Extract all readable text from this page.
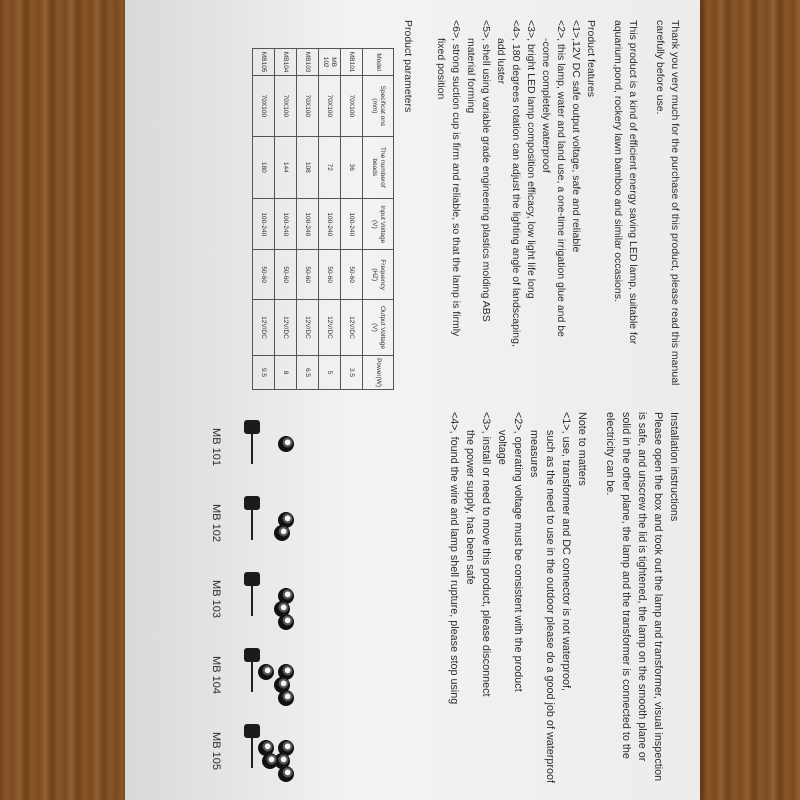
Thank you very much for the purchase of this product, please read this manual carefully before use.

This product is a kind of efficient energy saving LED lamp, suitable for aquarium,pond, rockery lawn bamboo and similar occasions.

Product features

<1>,12V DC safe output voltage, safe and reliable

<2>, this lamp, water and land use, a one-time irrigation glue and be

-come completely waterproof

<3>, bright LED lamp composition efficacy, low light life long

<4>, 180 degrees rotation can adjust the lighting angle of landscaping,

add luster

<5>, shell using variable grade engineering plastics molding ABS

material forming

<6>, strong suction cup is firm and reliable, so that the lamp is firmly

fixed position

Product parameters

Model	Specificat ons (mm)	The numberof beads	Input Voltage (V)	Frequency (HZ)	Output Voltage (V)	Power(W)
MB101	70X100	36	100-240	50-60	12V/DC	3.5
MB 102	70X100	72	100-240	50-60	12V/DC	5
MB103	70X100	108	100-240	50-60	12V/DC	6.5
MB104	70X100	144	100-240	50-60	12V/DC	8
MB105	70X100	180	100-240	50-60	12V/DC	9.5

Installation instructions

Please open the box and took out the lamp and transformer, visual inspection is safe, and unscrew the lid is tightened, the lamp on the smooth plane or solid in the other plane, the lamp and the transformer is connected to the electricity can be.

Note to matters

<1>, use, transformer and DC connector is not waterproof,

such as the need to use in the outdoor please do a good job of waterproof measures

<2>, operating voltage must be consistent with the product

voltage

<3>, install or need to move this product, please disconnect

the power supply, has been safe

<4>, found the wire and lamp shell rupture, please stop using

MB 101
MB 102
MB 103
MB 104
MB 105
